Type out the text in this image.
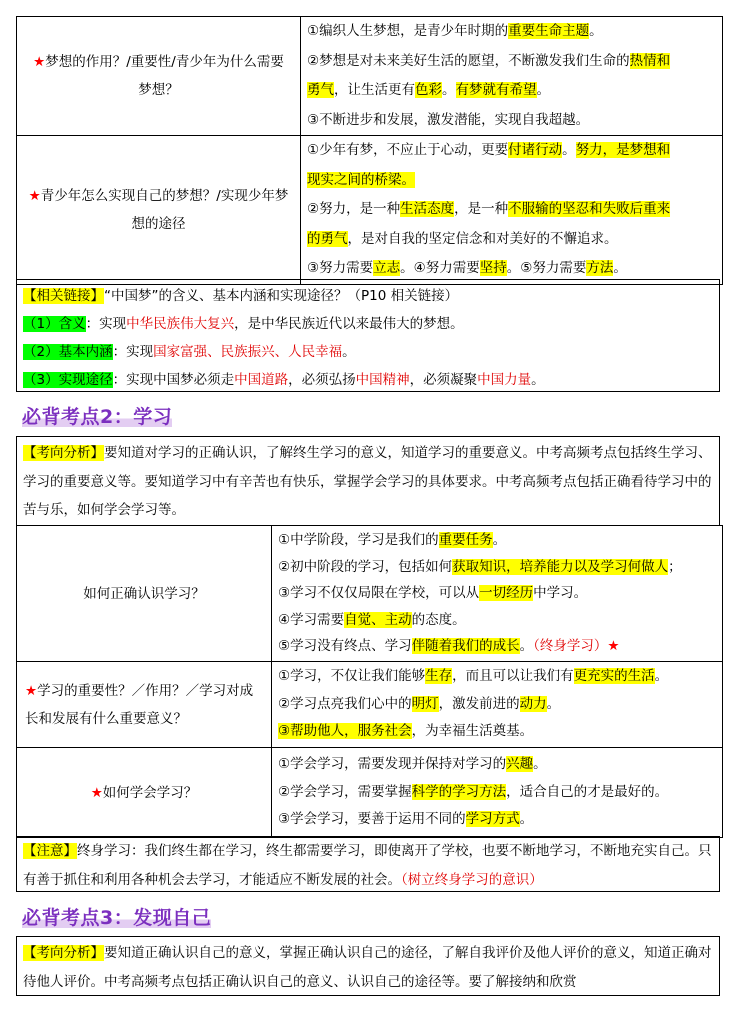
★梦想的作用？/重要性/青少年为什么需要梦想？	①编织人生梦想，是青少年时期的重要生命主题。
②梦想是对未来美好生活的愿望，不断激发我们生命的热情和
勇气，让生活更有色彩。有梦就有希望。
③不断进步和发展，激发潜能，实现自我超越。

★青少年怎么实现自己的梦想？/实现少年梦想的途径	①少年有梦，不应止于心动，更要付诸行动。努力，是梦想和
现实之间的桥梁。
②努力，是一种生活态度，是一种不服输的坚忍和失败后重来
的勇气，是对自我的坚定信念和对美好的不懈追求。
③努力需要立志。④努力需要坚持。⑤努力需要方法。
【相关链接】“中国梦”的含义、基本内涵和实现途径？（P10 相关链接）
（1）含义：实现中华民族伟大复兴，是中华民族近代以来最伟大的梦想。
（2）基本内涵：实现国家富强、民族振兴、人民幸福。
（3）实现途径：实现中国梦必须走中国道路，必须弘扬中国精神，必须凝聚中国力量。
必背考点2：学习
【考向分析】要知道对学习的正确认识，了解终生学习的意义，知道学习的重要意义。中考高频考点包括终生学习、学习的重要意义等。要知道学习中有辛苦也有快乐，掌握学会学习的具体要求。中考高频考点包括正确看待学习中的苦与乐，如何学会学习等。
如何正确认识学习？	①中学阶段，学习是我们的重要任务。
②初中阶段的学习，包括如何获取知识，培养能力以及学习何做人；
③学习不仅仅局限在学校，可以从一切经历中学习。
④学习需要自觉、主动的态度。
⑤学习没有终点、学习伴随着我们的成长。（终身学习）★

★学习的重要性？／作用？／学习对成长和发展有什么重要意义？	①学习，不仅让我们能够生存，而且可以让我们有更充实的生活。
②学习点亮我们心中的明灯，激发前进的动力。
③帮助他人，服务社会，为幸福生活奠基。

★如何学会学习？	①学会学习，需要发现并保持对学习的兴趣。
②学会学习，需要掌握科学的学习方法，适合自己的才是最好的。
③学会学习，要善于运用不同的学习方式。
【注意】终身学习：我们终生都在学习，终生都需要学习，即使离开了学校，也要不断地学习，不断地充实自己。只有善于抓住和利用各种机会去学习，才能适应不断发展的社会。（树立终身学习的意识）
必背考点3：发现自己
【考向分析】要知道正确认识自己的意义，掌握正确认识自己的途径，了解自我评价及他人评价的意义，知道正确对待他人评价。中考高频考点包括正确认识自己的意义、认识自己的途径等。要了解接纳和欣赏
